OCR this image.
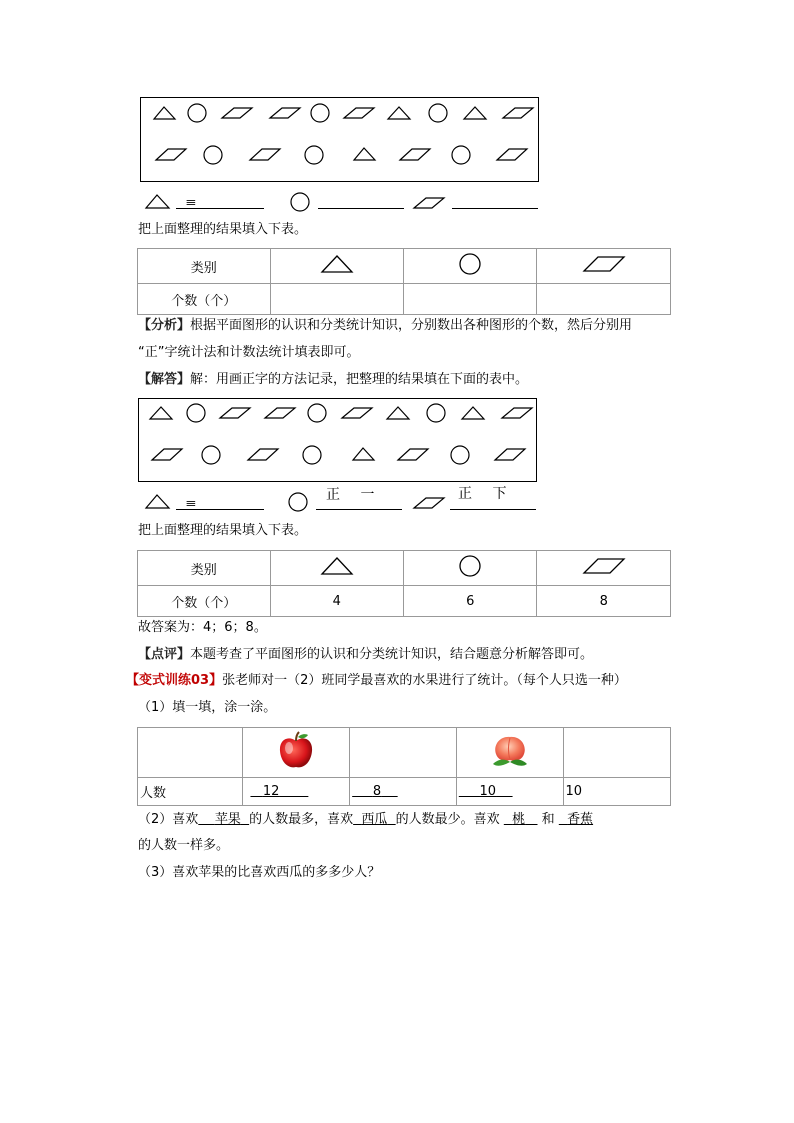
𝍢
把上面整理的结果填入下表。
类别			
个数（个）			
【分析】根据平面图形的认识和分类统计知识，分别数出各种图形的个数，然后分别用
“正”字统计法和计数法统计填表即可。
【解答】解：用画正字的方法记录，把整理的结果填在下面的表中。
𝍢	正 一	正 下
把上面整理的结果填入下表。
类别			
个数（个）	4	6	8
故答案为：4；6；8。
【点评】本题考查了平面图形的认识和分类统计知识，结合题意分析解答即可。
【变式训练03】张老师对一（2）班同学最喜欢的水果进行了统计。（每个人只选一种）
（1）填一填，涂一涂。

人数	12	8	10	10
（2）喜欢 苹果 的人数最多，喜欢 西瓜 的人数最少。喜欢 桃 和 香蕉
的人数一样多。
（3）喜欢苹果的比喜欢西瓜的多多少人？
